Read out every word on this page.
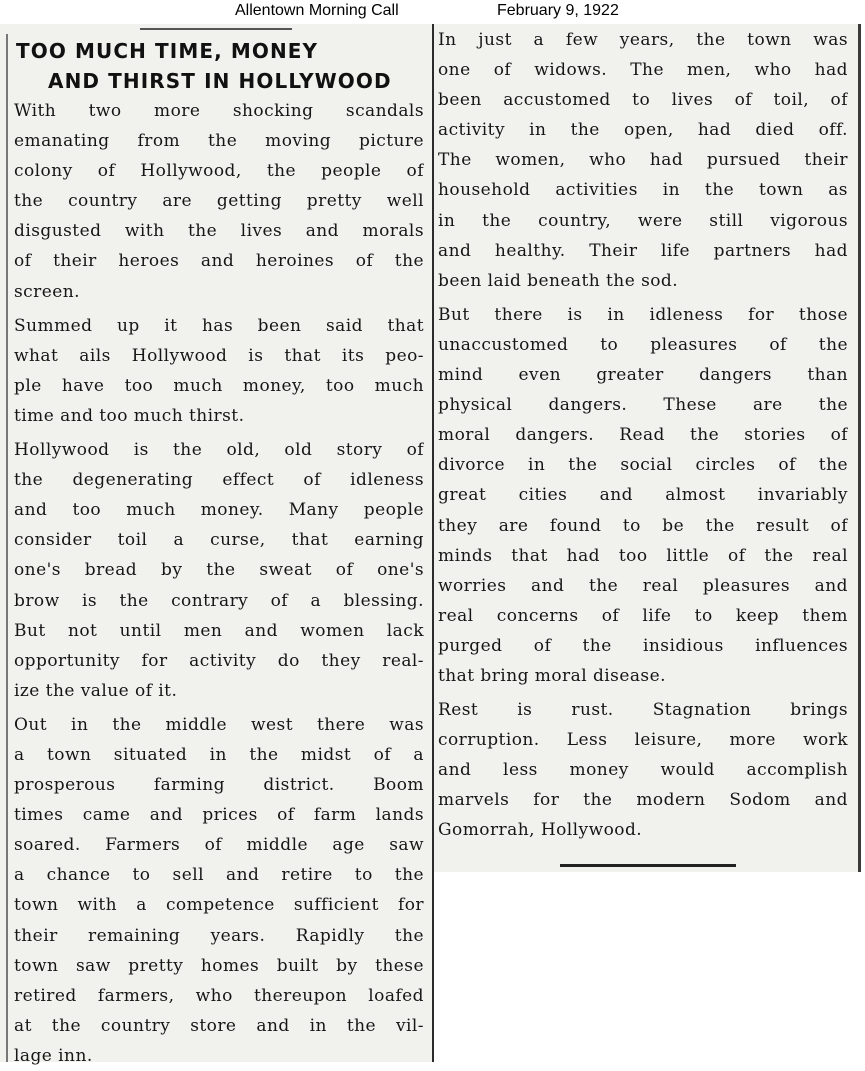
Allentown Morning Call	February 9, 1922
TOO MUCH TIME, MONEY
AND THIRST IN HOLLYWOOD
With two more shocking scandals
emanating from the moving picture
colony of Hollywood, the people of
the country are getting pretty well
disgusted with the lives and morals
of their heroes and heroines of the
screen.
Summed up it has been said that
what ails Hollywood is that its peo-
ple have too much money, too much
time and too much thirst.
Hollywood is the old, old story of
the degenerating effect of idleness
and too much money. Many people
consider toil a curse, that earning
one's bread by the sweat of one's
brow is the contrary of a blessing.
But not until men and women lack
opportunity for activity do they real-
ize the value of it.
Out in the middle west there was
a town situated in the midst of a
prosperous farming district. Boom
times came and prices of farm lands
soared. Farmers of middle age saw
a chance to sell and retire to the
town with a competence sufficient for
their remaining years. Rapidly the
town saw pretty homes built by these
retired farmers, who thereupon loafed
at the country store and in the vil-
lage inn.
In just a few years, the town was
one of widows. The men, who had
been accustomed to lives of toil, of
activity in the open, had died off.
The women, who had pursued their
household activities in the town as
in the country, were still vigorous
and healthy. Their life partners had
been laid beneath the sod.
But there is in idleness for those
unaccustomed to pleasures of the
mind even greater dangers than
physical dangers. These are the
moral dangers. Read the stories of
divorce in the social circles of the
great cities and almost invariably
they are found to be the result of
minds that had too little of the real
worries and the real pleasures and
real concerns of life to keep them
purged of the insidious influences
that bring moral disease.
Rest is rust. Stagnation brings
corruption. Less leisure, more work
and less money would accomplish
marvels for the modern Sodom and
Gomorrah, Hollywood.
